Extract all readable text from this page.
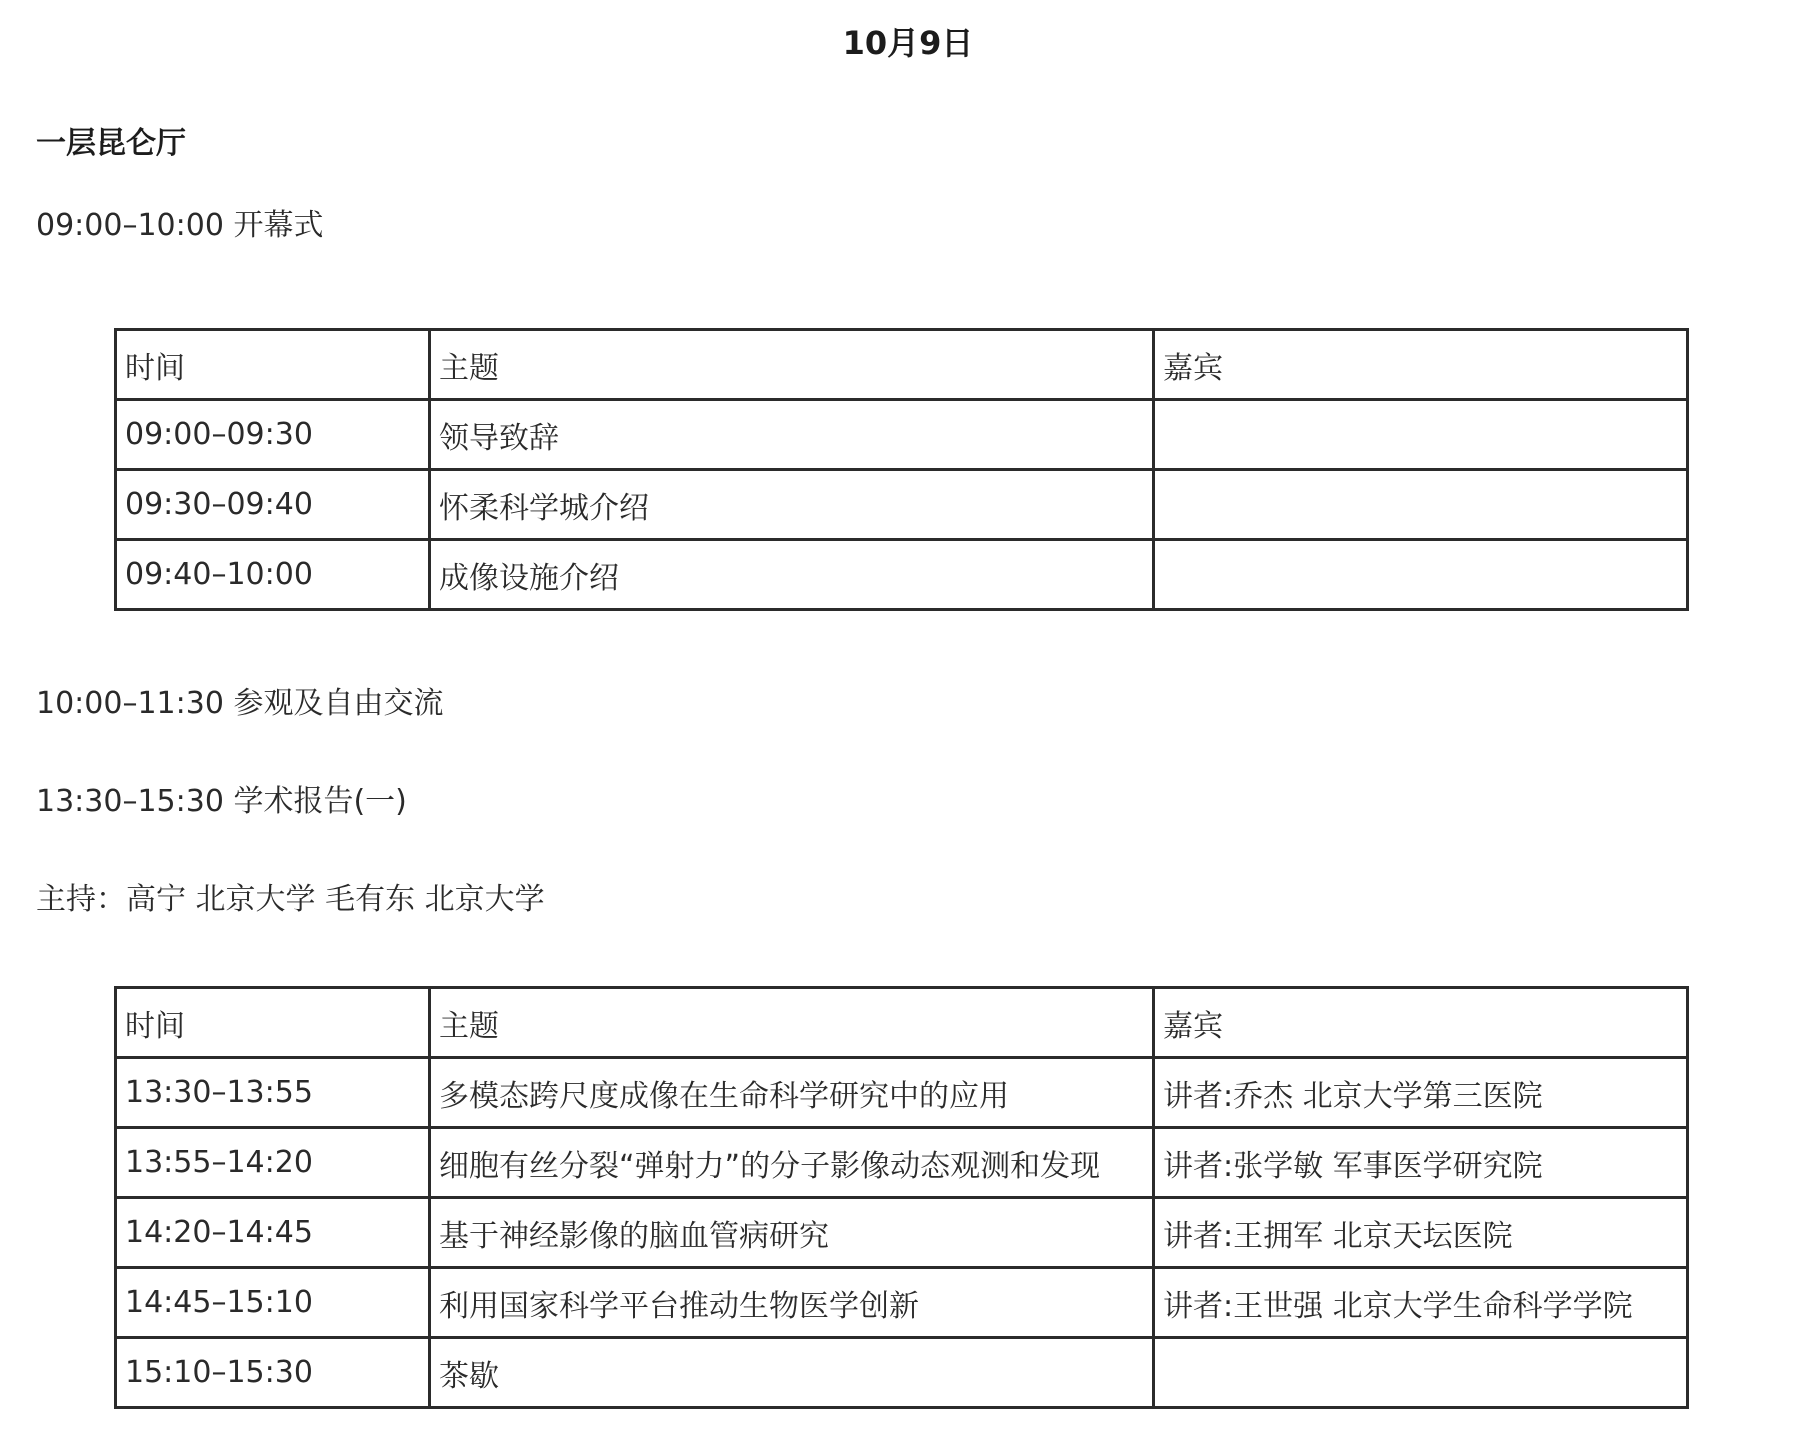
10月9日
一层昆仑厅
09:00–10:00 开幕式
时间	主题	嘉宾
09:00–09:30	领导致辞	
09:30–09:40	怀柔科学城介绍	
09:40–10:00	成像设施介绍	
10:00–11:30 参观及自由交流
13:30–15:30 学术报告(一)
主持：高宁 北京大学 毛有东 北京大学
时间	主题	嘉宾
13:30–13:55	多模态跨尺度成像在生命科学研究中的应用	讲者:乔杰 北京大学第三医院
13:55–14:20	细胞有丝分裂“弹射力”的分子影像动态观测和发现	讲者:张学敏 军事医学研究院
14:20–14:45	基于神经影像的脑血管病研究	讲者:王拥军 北京天坛医院
14:45–15:10	利用国家科学平台推动生物医学创新	讲者:王世强 北京大学生命科学学院
15:10–15:30	茶歇	
